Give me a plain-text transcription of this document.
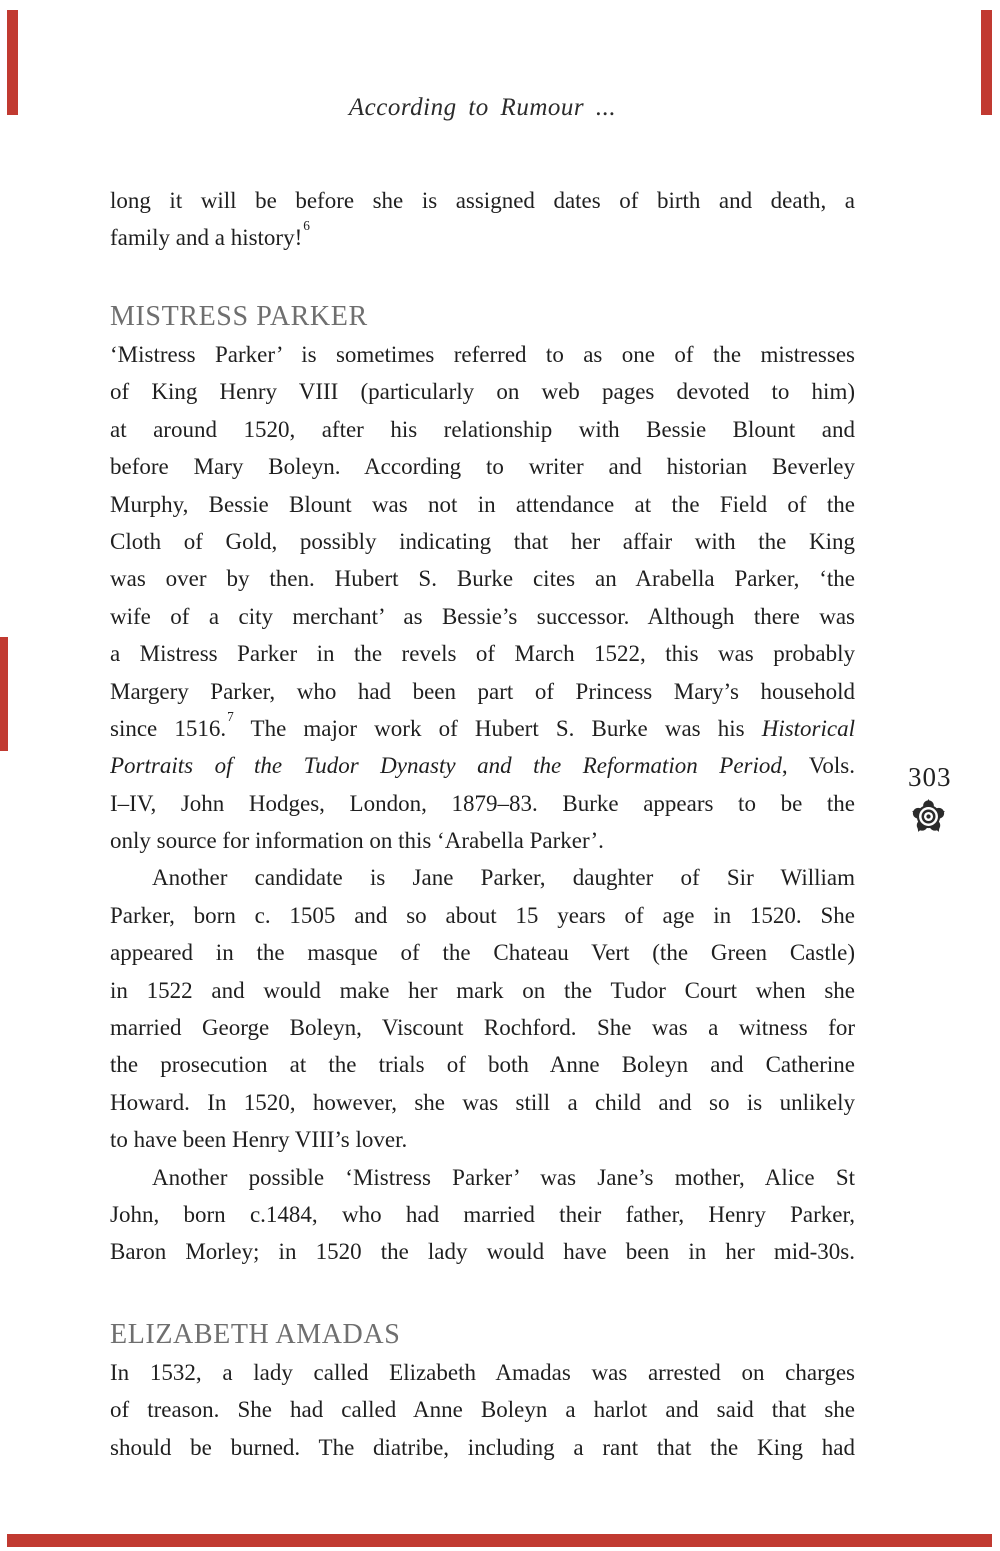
According to Rumour ...
long it will be before she is assigned dates of birth and death, a
family and a history!$^6$
MISTRESS PARKER
‘Mistress Parker’ is sometimes referred to as one of the mistresses
of King Henry VIII (particularly on web pages devoted to him)
at around 1520, after his relationship with Bessie Blount and
before Mary Boleyn. According to writer and historian Beverley
Murphy, Bessie Blount was not in attendance at the Field of the
Cloth of Gold, possibly indicating that her affair with the King
was over by then. Hubert S. Burke cites an Arabella Parker, ‘the
wife of a city merchant’ as Bessie’s successor. Although there was
a Mistress Parker in the revels of March 1522, this was probably
Margery Parker, who had been part of Princess Mary’s household
since 1516.$^7$ The major work of Hubert S. Burke was his Historical
Portraits of the Tudor Dynasty and the Reformation Period, Vols.
I–IV, John Hodges, London, 1879–83. Burke appears to be the
only source for information on this ‘Arabella Parker’.
Another candidate is Jane Parker, daughter of Sir William
Parker, born c. 1505 and so about 15 years of age in 1520. She
appeared in the masque of the Chateau Vert (the Green Castle)
in 1522 and would make her mark on the Tudor Court when she
married George Boleyn, Viscount Rochford. She was a witness for
the prosecution at the trials of both Anne Boleyn and Catherine
Howard. In 1520, however, she was still a child and so is unlikely
to have been Henry VIII’s lover.
Another possible ‘Mistress Parker’ was Jane’s mother, Alice St
John, born c.1484, who had married their father, Henry Parker,
Baron Morley; in 1520 the lady would have been in her mid-30s.
ELIZABETH AMADAS
In 1532, a lady called Elizabeth Amadas was arrested on charges
of treason. She had called Anne Boleyn a harlot and said that she
should be burned. The diatribe, including a rant that the King had
303
